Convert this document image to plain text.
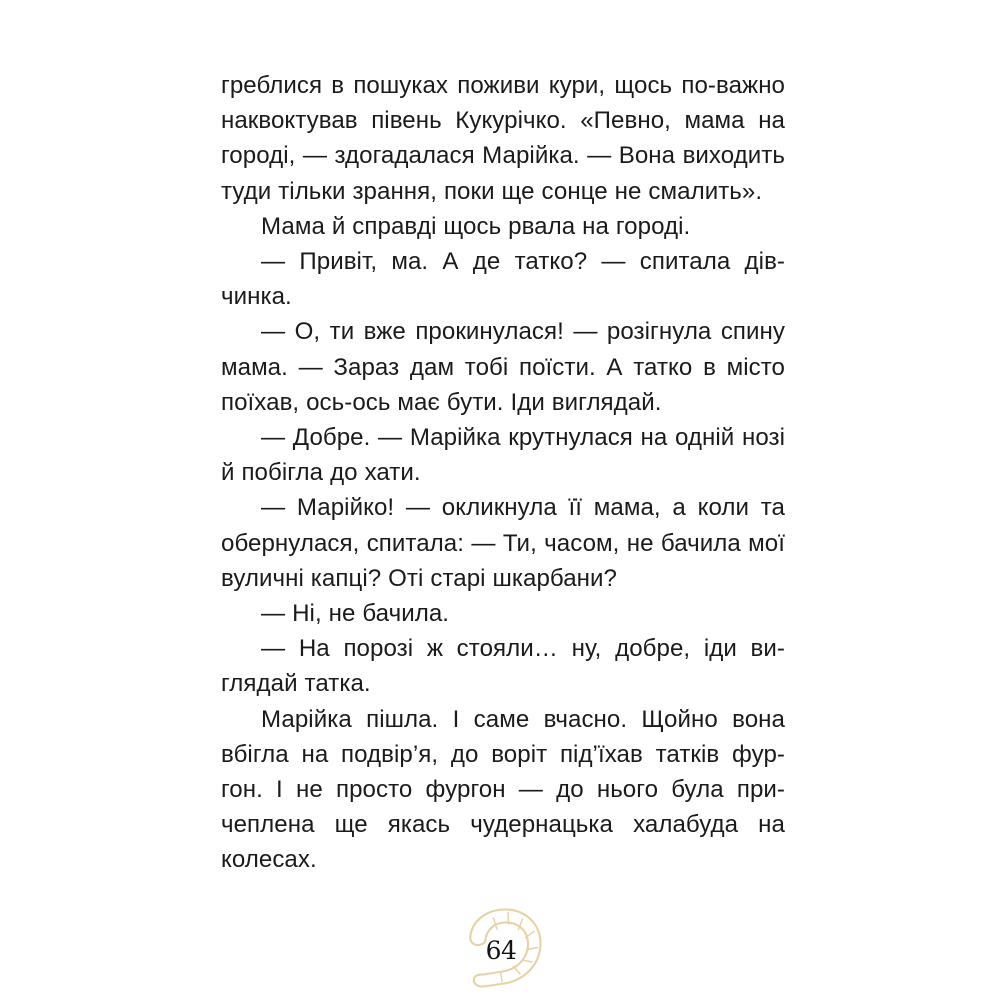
греблися в пошуках поживи кури, щось по-важно наквоктував півень Кукурічко. «Певно, мама на городі, — здогадалася Марійка. — Вона виходить туди тільки зрання, поки ще сонце не смалить».

Мама й справді щось рвала на городі.

— Привіт, ма. А де татко? — спитала дів-чинка.

— О, ти вже прокинулася! — розігнула спину мама. — Зараз дам тобі поїсти. А татко в місто поїхав, ось-ось має бути. Іди виглядай.

— Добре. — Марійка крутнулася на одній нозі й побігла до хати.

— Марійко! — окликнула її мама, а коли та обернулася, спитала: — Ти, часом, не бачила мої вуличні капці? Оті старі шкарбани?

— Ні, не бачила.

— На порозі ж стояли… ну, добре, іди ви-глядай татка.

Марійка пішла. І саме вчасно. Щойно вона вбігла на подвір’я, до воріт під’їхав татків фур-гон. І не просто фургон — до нього була при-чеплена ще якась чудернацька халабуда на колесах.

64
